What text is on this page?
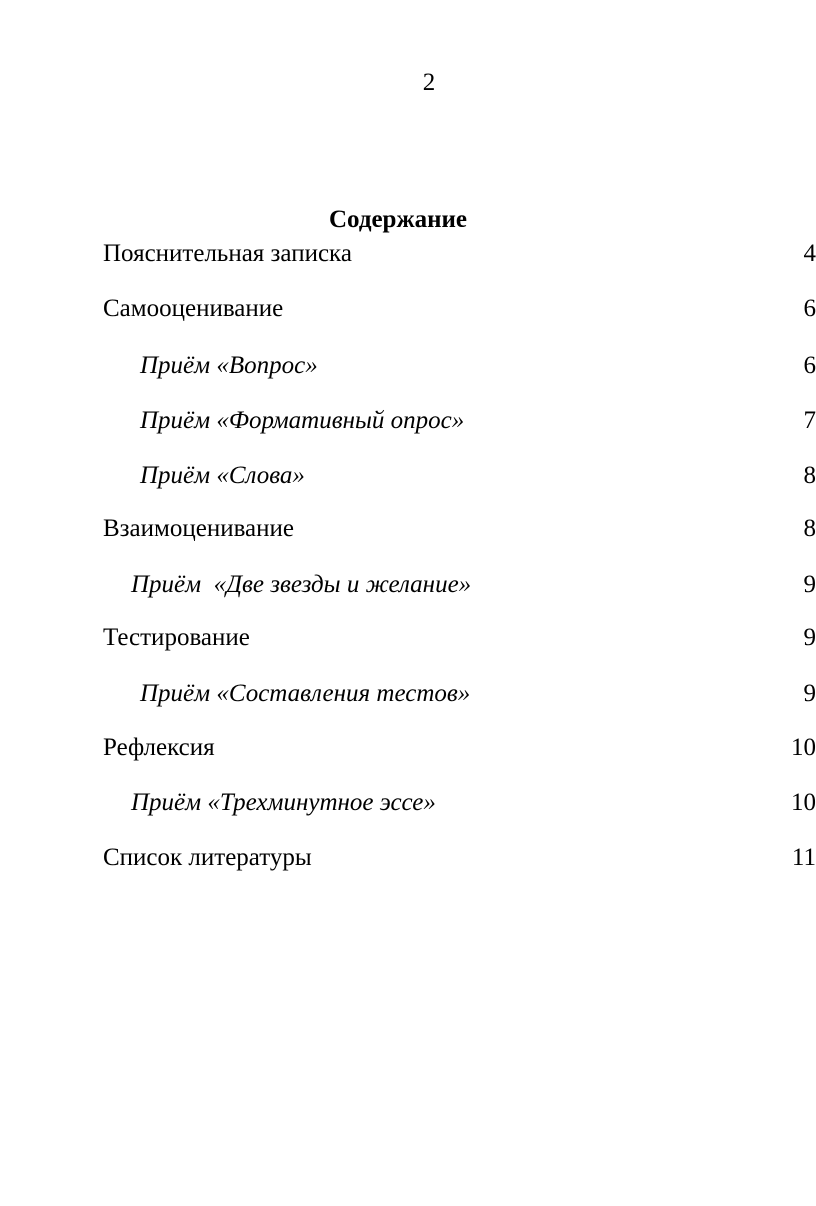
2
Содержание
Пояснительная записка	4
Самооценивание	6
Приём «Вопрос»	6
Приём «Формативный опрос»	7
Приём «Слова»	8
Взаимоценивание	8
Приём  «Две звезды и желание»	9
Тестирование	9
Приём «Составления тестов»	9
Рефлексия	10
Приём «Трехминутное эссе»	10
Список литературы	11
